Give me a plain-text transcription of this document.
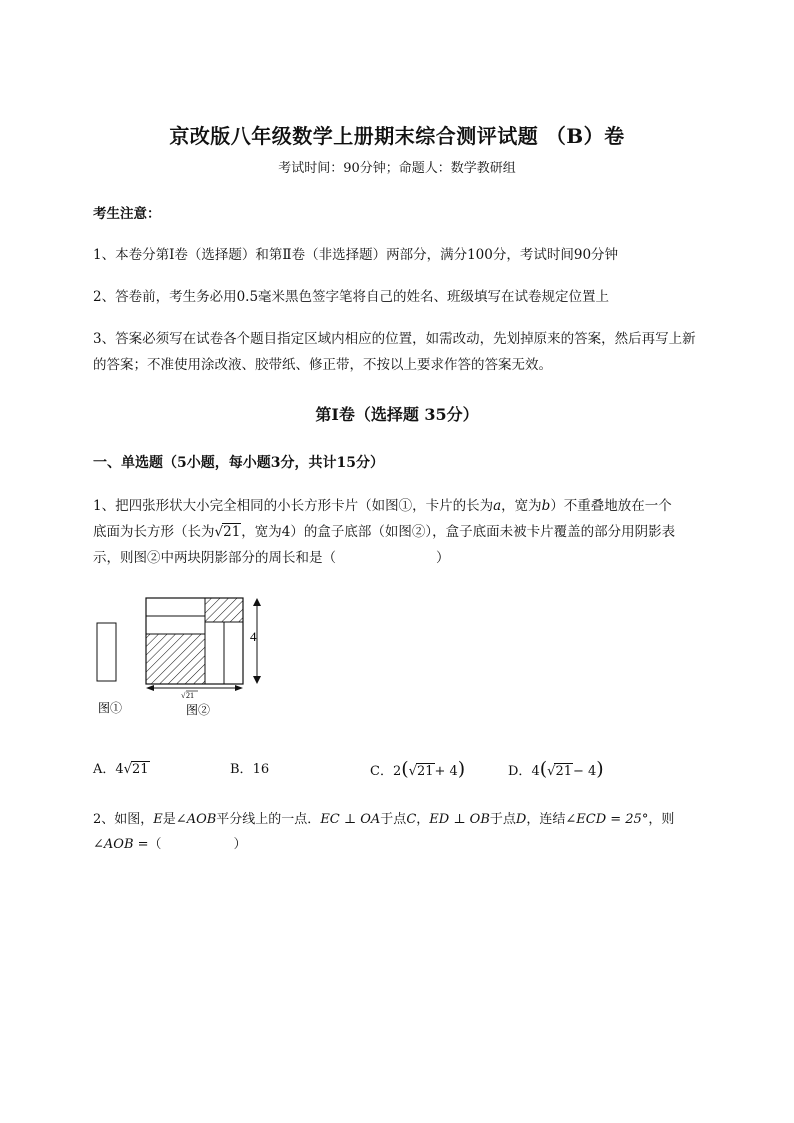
京改版八年级数学上册期末综合测评试题 （B）卷
考试时间：90分钟；命题人：数学教研组
考生注意：
1、本卷分第I卷（选择题）和第Ⅱ卷（非选择题）两部分，满分100分，考试时间90分钟
2、答卷前，考生务必用0.5毫米黑色签字笔将自己的姓名、班级填写在试卷规定位置上
3、答案必须写在试卷各个题目指定区域内相应的位置，如需改动，先划掉原来的答案，然后再写上新
的答案；不准使用涂改液、胶带纸、修正带，不按以上要求作答的答案无效。
第I卷（选择题 35分）
一、单选题（5小题，每小题3分，共计15分）
1、把四张形状大小完全相同的小长方形卡片（如图①，卡片的长为a，宽为b）不重叠地放在一个
底面为长方形（长为√21，宽为4）的盒子底部（如图②），盒子底面未被卡片覆盖的部分用阴影表
示，则图②中两块阴影部分的周长和是（	）
4
√ 21
图①	图②
A．4√21	B．16	C．2(√21+ 4)	D．4(√21− 4)
2、如图，E是∠AOB平分线上的一点．EC ⊥ OA于点C，ED ⊥ OB于点D，连结∠ECD = 25°，则
∠AOB =（	）
